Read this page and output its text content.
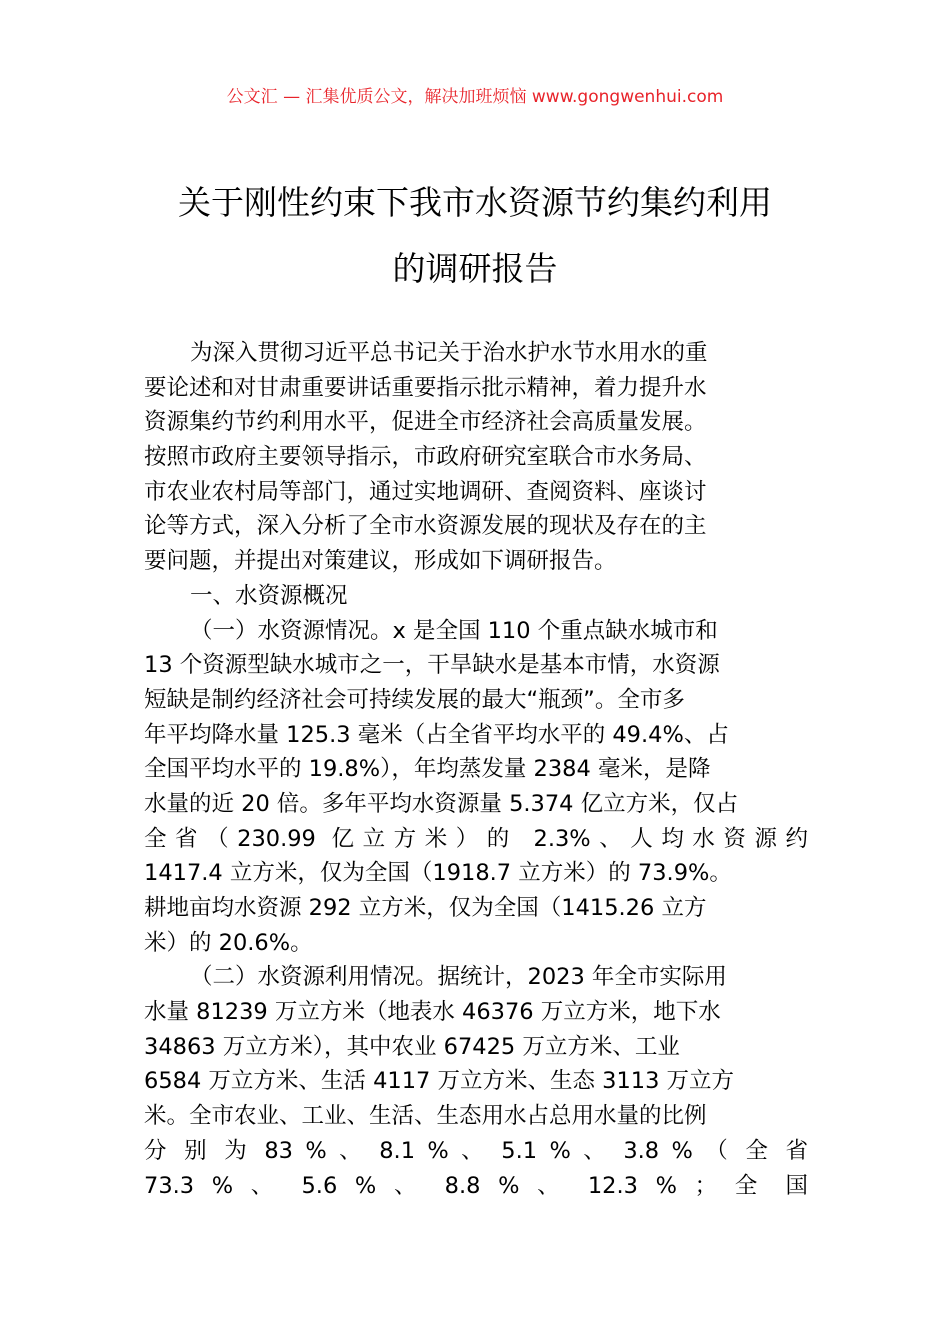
公文汇 — 汇集优质公文，解决加班烦恼 www.gongwenhui.com
关于刚性约束下我市水资源节约集约利用
的调研报告
为深入贯彻习近平总书记关于治水护水节水用水的重
要论述和对甘肃重要讲话重要指示批示精神，着力提升水
资源集约节约利用水平，促进全市经济社会高质量发展。
按照市政府主要领导指示，市政府研究室联合市水务局、
市农业农村局等部门，通过实地调研、查阅资料、座谈讨
论等方式，深入分析了全市水资源发展的现状及存在的主
要问题，并提出对策建议，形成如下调研报告。
一、水资源概况
（一）水资源情况。x 是全国 110 个重点缺水城市和
13 个资源型缺水城市之一，干旱缺水是基本市情，水资源
短缺是制约经济社会可持续发展的最大“瓶颈”。全市多
年平均降水量 125.3 毫米（占全省平均水平的 49.4%、占
全国平均水平的 19.8%），年均蒸发量 2384 毫米，是降
水量的近 20 倍。多年平均水资源量 5.374 亿立方米，仅占
全省（230.99 亿立方米）的 2.3%、人均水资源约
1417.4 立方米，仅为全国（1918.7 立方米）的 73.9%。
耕地亩均水资源 292 立方米，仅为全国（1415.26 立方
米）的 20.6%。
（二）水资源利用情况。据统计，2023 年全市实际用
水量 81239 万立方米（地表水 46376 万立方米，地下水
34863 万立方米），其中农业 67425 万立方米、工业
6584 万立方米、生活 4117 万立方米、生态 3113 万立方
米。全市农业、工业、生活、生态用水占总用水量的比例
分 别 为 83 % 、 8.1 % 、 5.1 % 、 3.8 % （ 全 省
73.3 % 、 5.6 % 、 8.8 % 、 12.3 % ； 全 国
